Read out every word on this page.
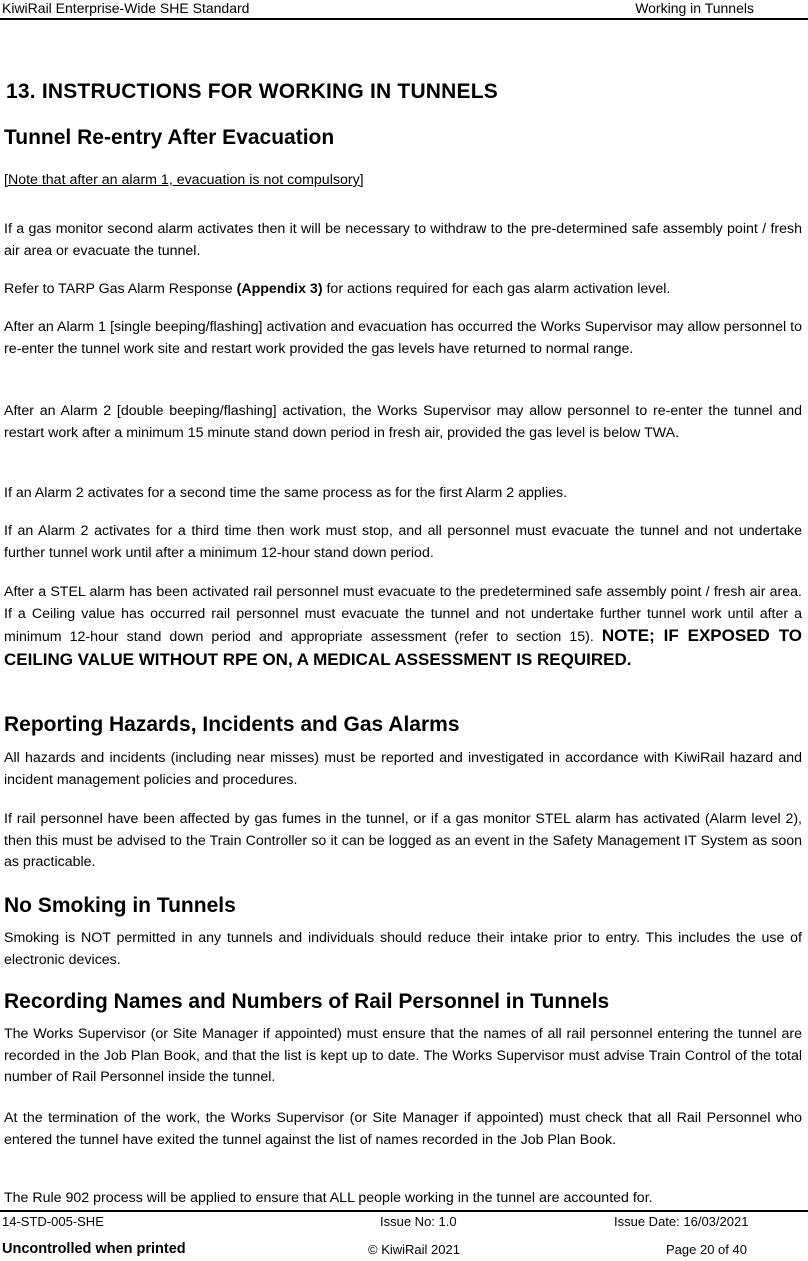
KiwiRail Enterprise-Wide SHE Standard	Working in Tunnels
13. INSTRUCTIONS FOR WORKING IN TUNNELS
Tunnel Re-entry After Evacuation
[Note that after an alarm 1, evacuation is not compulsory]
If a gas monitor second alarm activates then it will be necessary to withdraw to the pre-determined safe assembly point / fresh air area or evacuate the tunnel.
Refer to TARP Gas Alarm Response (Appendix 3) for actions required for each gas alarm activation level.
After an Alarm 1 [single beeping/flashing] activation and evacuation has occurred the Works Supervisor may allow personnel to re-enter the tunnel work site and restart work provided the gas levels have returned to normal range.
After an Alarm 2 [double beeping/flashing] activation, the Works Supervisor may allow personnel to re-enter the tunnel and restart work after a minimum 15 minute stand down period in fresh air, provided the gas level is below TWA.
If an Alarm 2 activates for a second time the same process as for the first Alarm 2 applies.
If an Alarm 2 activates for a third time then work must stop, and all personnel must evacuate the tunnel and not undertake further tunnel work until after a minimum 12-hour stand down period.
After a STEL alarm has been activated rail personnel must evacuate to the predetermined safe assembly point / fresh air area. If a Ceiling value has occurred rail personnel must evacuate the tunnel and not undertake further tunnel work until after a minimum 12-hour stand down period and appropriate assessment (refer to section 15). NOTE; IF EXPOSED TO CEILING VALUE WITHOUT RPE ON, A MEDICAL ASSESSMENT IS REQUIRED.
Reporting Hazards, Incidents and Gas Alarms
All hazards and incidents (including near misses) must be reported and investigated in accordance with KiwiRail hazard and incident management policies and procedures.
If rail personnel have been affected by gas fumes in the tunnel, or if a gas monitor STEL alarm has activated (Alarm level 2), then this must be advised to the Train Controller so it can be logged as an event in the Safety Management IT System as soon as practicable.
No Smoking in Tunnels
Smoking is NOT permitted in any tunnels and individuals should reduce their intake prior to entry. This includes the use of electronic devices.
Recording Names and Numbers of Rail Personnel in Tunnels
The Works Supervisor (or Site Manager if appointed) must ensure that the names of all rail personnel entering the tunnel are recorded in the Job Plan Book, and that the list is kept up to date. The Works Supervisor must advise Train Control of the total number of Rail Personnel inside the tunnel.
At the termination of the work, the Works Supervisor (or Site Manager if appointed) must check that all Rail Personnel who entered the tunnel have exited the tunnel against the list of names recorded in the Job Plan Book.
The Rule 902 process will be applied to ensure that ALL people working in the tunnel are accounted for.
14-STD-005-SHE	Issue No: 1.0	Issue Date: 16/03/2021
Uncontrolled when printed	© KiwiRail 2021	Page 20 of 40
